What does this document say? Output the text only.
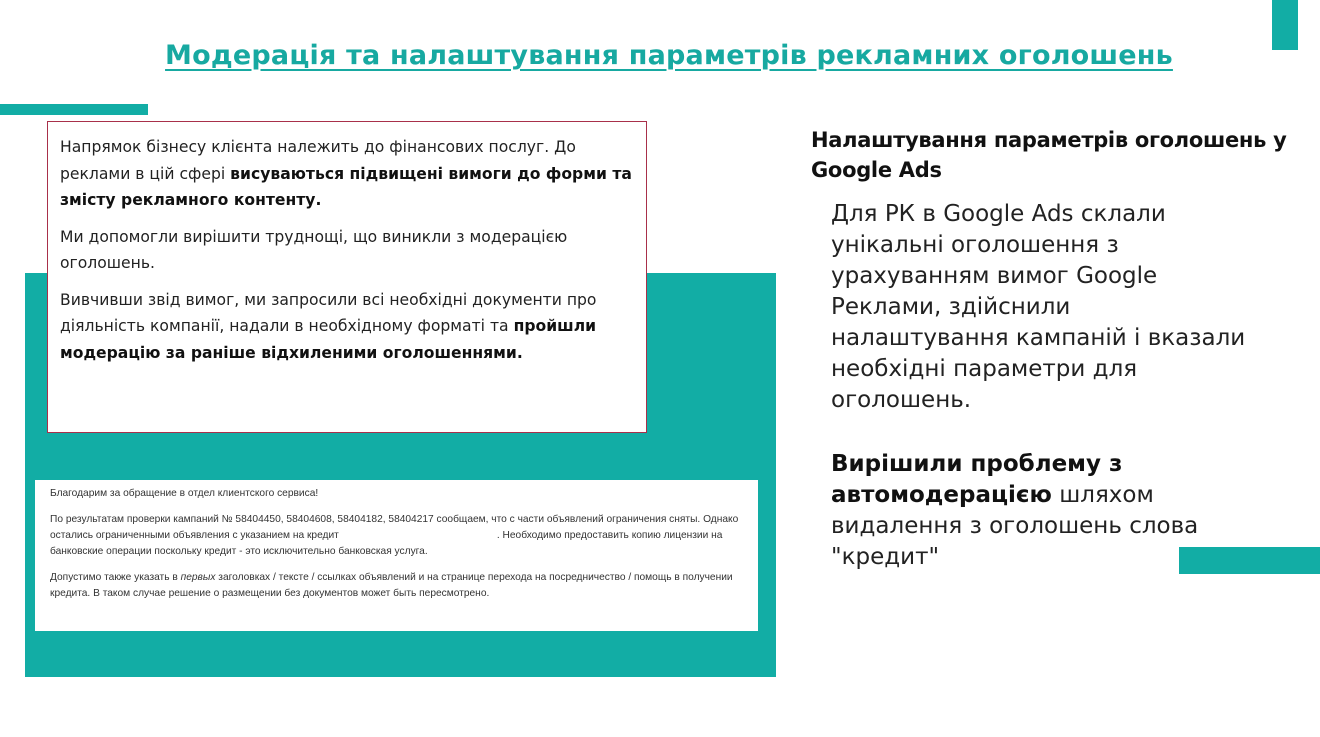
Модерація та налаштування параметрів рекламних оголошень

Напрямок бізнесу клієнта належить до фінансових послуг. До реклами в цій сфері висуваються підвищені вимоги до форми та змісту рекламного контенту.

Ми допомогли вирішити труднощі, що виникли з модерацією оголошень.

Вивчивши звід вимог, ми запросили всі необхідні документи про діяльність компанії, надали в необхідному форматі та пройшли модерацію за раніше відхиленими оголошеннями.

Благодарим за обращение в отдел клиентского сервиса!

По результатам проверки кампаний № 58404450, 58404608, 58404182, 58404217 сообщаем, что с части объявлений ограничения сняты. Однако остались ограниченными объявления с указанием на кредит	. Необходимо предоставить копию лицензии на банковские операции поскольку кредит - это исключительно банковская услуга.

Допустимо также указать в первых заголовках / тексте / ссылках объявлений и на странице перехода на посредничество / помощь в получении кредита. В таком случае решение о размещении без документов может быть пересмотрено.

Налаштування параметрів оголошень у Google Ads

Для РК в Google Ads склали унікальні оголошення з урахуванням вимог Google Реклами, здійснили налаштування кампаній і вказали необхідні параметри для оголошень.

Вирішили проблему з автомодерацією шляхом видалення з оголошень слова "кредит"
